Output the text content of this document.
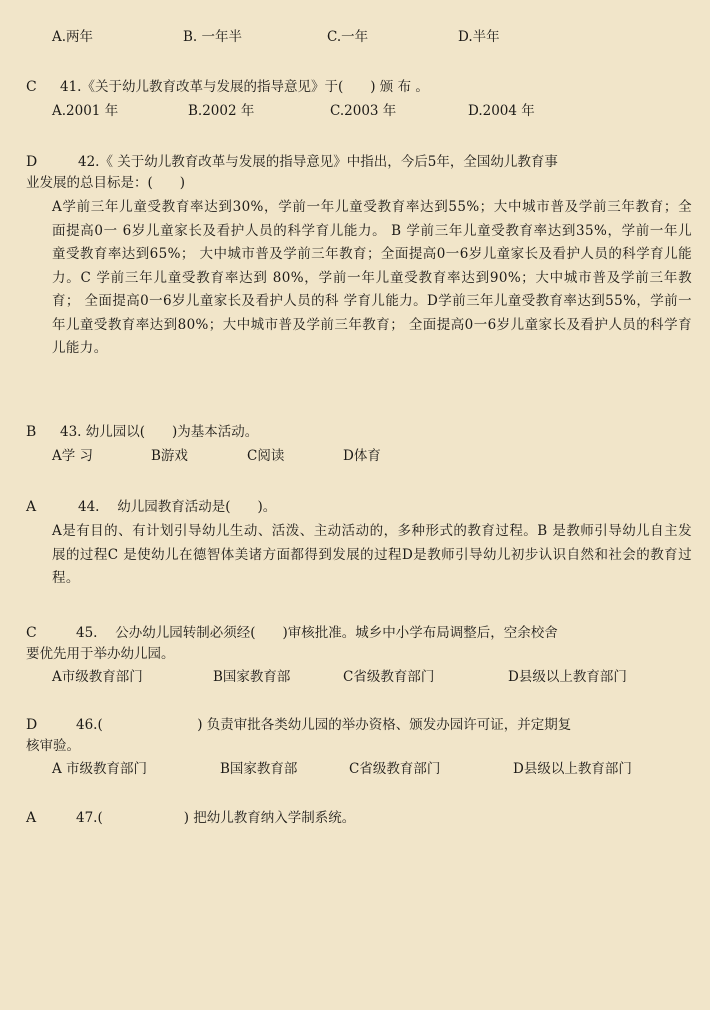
A.两年	B. 一年半	C.一年	D.半年
C 41.《关于幼儿教育改革与发展的指导意见》于(　　) 颁 布 。
A.2001 年	B.2002 年	C.2003 年	D.2004 年
D	42.《 关于幼儿教育改革与发展的指导意见》中指出，今后5年，全国幼儿教育事
业发展的总目标是：(　　)
A学前三年儿童受教育率达到30%，学前一年儿童受教育率达到55%；大中城市普及学前三年教育；全面提高0一 6岁儿童家长及看护人员的科学育儿能力。 B 学前三年儿童受教育率达到35%，学前一年儿童受教育率达到65%； 大中城市普及学前三年教育；全面提高0一6岁儿童家长及看护人员的科学育儿能力。C 学前三年儿童受教育率达到 80%，学前一年儿童受教育率达到90%；大中城市普及学前三年教育； 全面提高0一6岁儿童家长及看护人员的科 学育儿能力。D学前三年儿童受教育率达到55%，学前一年儿童受教育率达到80%；大中城市普及学前三年教育； 全面提高0一6岁儿童家长及看护人员的科学育儿能力。
B 43. 幼儿园以(　　)为基本活动。
A学 习	B游戏	C阅读	D体育
A	44. 　幼儿园教育活动是(　　)。
A是有目的、有计划引导幼儿生动、活泼、主动活动的，多种形式的教育过程。B 是教师引导幼儿自主发展的过程C 是使幼儿在德智体美诸方面都得到发展的过程D是教师引导幼儿初步认识自然和社会的教育过程。
C	45. 　公办幼儿园转制必须经(　　)审核批准。城乡中小学布局调整后，空余校舍
要优先用于举办幼儿园。
A市级教育部门	B国家教育部	C省级教育部门	D县级以上教育部门
D	46.(　　　　　　　) 负责审批各类幼儿园的举办资格、颁发办园许可证，并定期复
核审验。
A 市级教育部门	B国家教育部	C省级教育部门	D县级以上教育部门
A	47.(　　　　　　) 把幼儿教育纳入学制系统。
